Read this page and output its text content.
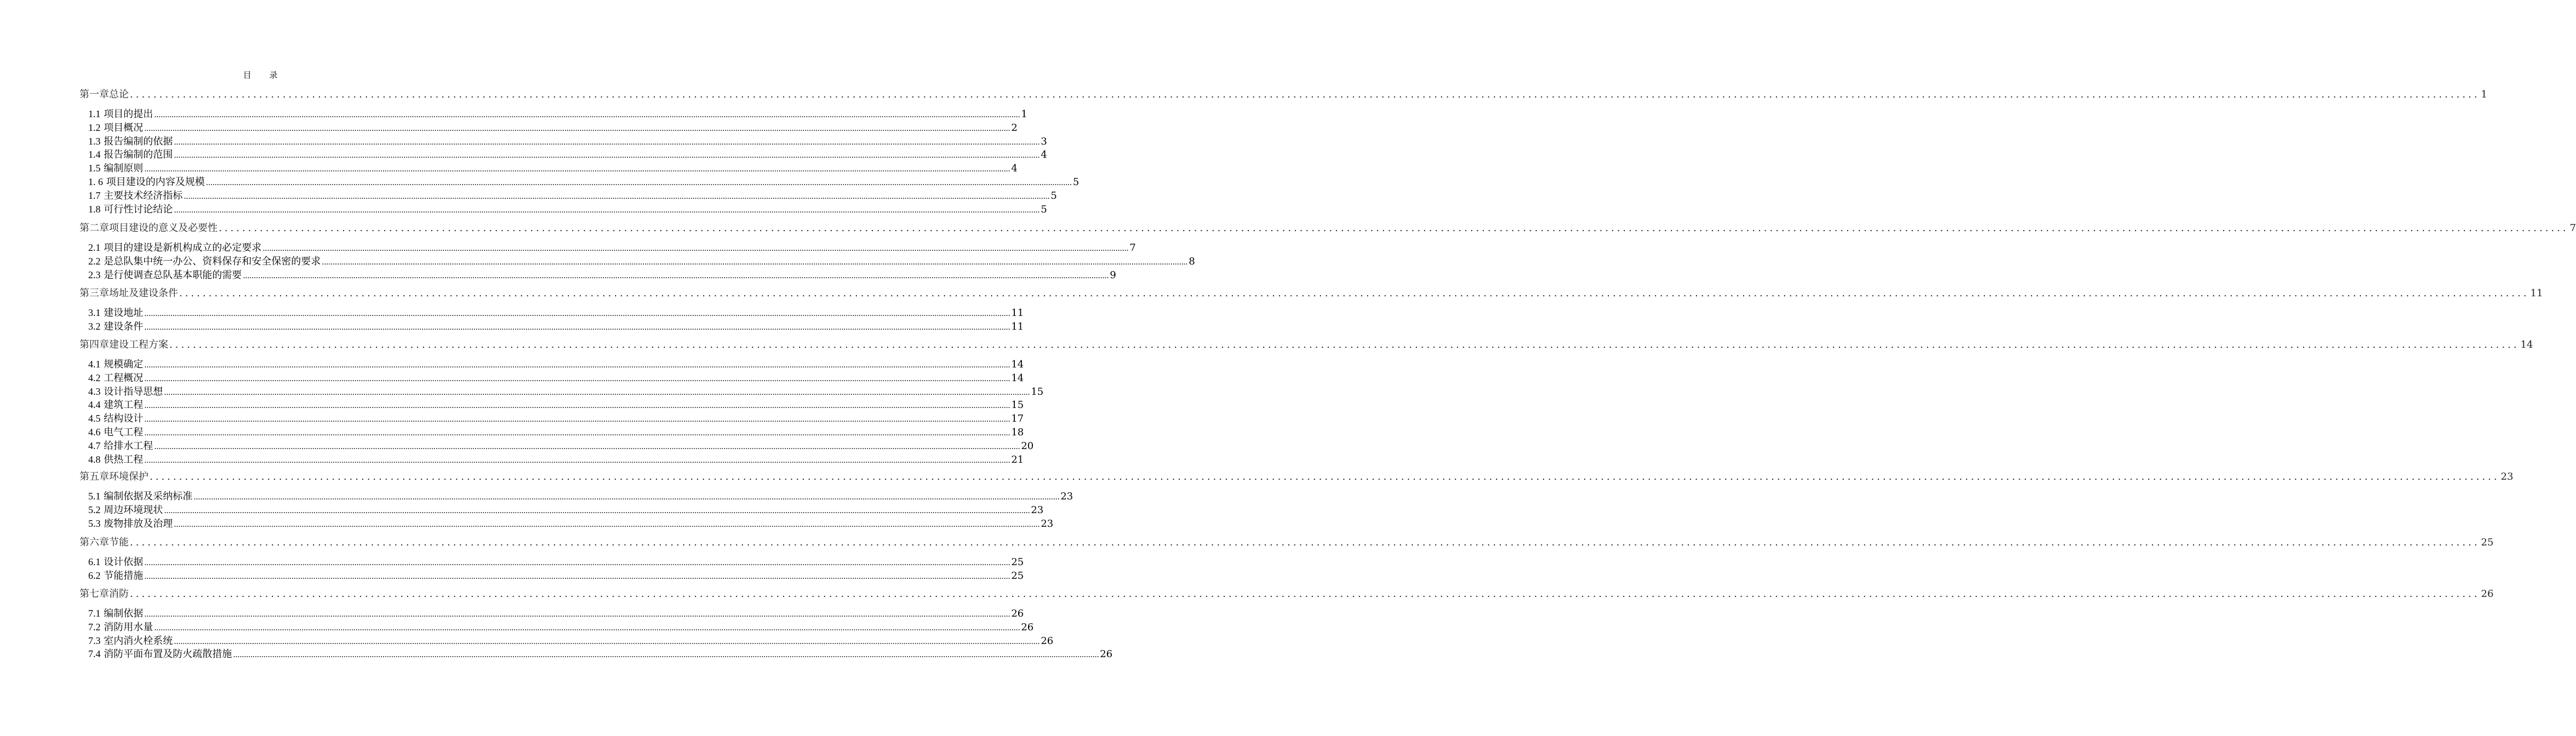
目 录
第一章 总论 ................................................................................................................................................................................................................................................................................................................................................................................................................ 1
1.1
项目的提出 ................................................................................................................................................................................................................................................................................................................................................................................................................ 1
1.2
项目概况 ................................................................................................................................................................................................................................................................................................................................................................................................................ 2
1.3
报告编制的依据 ................................................................................................................................................................................................................................................................................................................................................................................................................ 3
1.4
报告编制的范围 ................................................................................................................................................................................................................................................................................................................................................................................................................ 4
1.5
编制原则 ................................................................................................................................................................................................................................................................................................................................................................................................................ 4
1. 6
项目建设的内容及规模 ................................................................................................................................................................................................................................................................................................................................................................................................................ 5
1.7
主要技术经济指标 ................................................................................................................................................................................................................................................................................................................................................................................................................ 5
1.8
可行性讨论结论 ................................................................................................................................................................................................................................................................................................................................................................................................................ 5
第二章 项目建设的意义及必要性 ................................................................................................................................................................................................................................................................................................................................................................................................................ 7
2.1
项目的建设是新机构成立的必定要求 ................................................................................................................................................................................................................................................................................................................................................................................................................ 7
2.2
是总队集中统一办公、资料保存和安全保密的要求 ................................................................................................................................................................................................................................................................................................................................................................................................................ 8
2.3
是行使调查总队基本职能的需要 ................................................................................................................................................................................................................................................................................................................................................................................................................ 9
第三章 场址及建设条件 ................................................................................................................................................................................................................................................................................................................................................................................................................ 11
3.1
建设地址 ................................................................................................................................................................................................................................................................................................................................................................................................................ 11
3.2
建设条件 ................................................................................................................................................................................................................................................................................................................................................................................................................ 11
第四章 建设工程方案 ................................................................................................................................................................................................................................................................................................................................................................................................................ 14
4.1
规模确定 ................................................................................................................................................................................................................................................................................................................................................................................................................ 14
4.2
工程概况 ................................................................................................................................................................................................................................................................................................................................................................................................................ 14
4.3
设计指导思想 ................................................................................................................................................................................................................................................................................................................................................................................................................ 15
4.4
建筑工程 ................................................................................................................................................................................................................................................................................................................................................................................................................ 15
4.5
结构设计 ................................................................................................................................................................................................................................................................................................................................................................................................................ 17
4.6
电气工程 ................................................................................................................................................................................................................................................................................................................................................................................................................ 18
4.7
给排水工程 ................................................................................................................................................................................................................................................................................................................................................................................................................ 20
4.8
供热工程 ................................................................................................................................................................................................................................................................................................................................................................................................................ 21
第五章 环境保护 ................................................................................................................................................................................................................................................................................................................................................................................................................ 23
5.1
编制依据及采纳标准 ................................................................................................................................................................................................................................................................................................................................................................................................................ 23
5.2
周边环境现状 ................................................................................................................................................................................................................................................................................................................................................................................................................ 23
5.3
废物排放及治理 ................................................................................................................................................................................................................................................................................................................................................................................................................ 23
第六章 节能 ................................................................................................................................................................................................................................................................................................................................................................................................................ 25
6.1
设计依据 ................................................................................................................................................................................................................................................................................................................................................................................................................ 25
6.2
节能措施 ................................................................................................................................................................................................................................................................................................................................................................................................................ 25
第七章 消防 ................................................................................................................................................................................................................................................................................................................................................................................................................ 26
7.1
编制依据 ................................................................................................................................................................................................................................................................................................................................................................................................................ 26
7.2
消防用水量 ................................................................................................................................................................................................................................................................................................................................................................................................................ 26
7.3
室内消火栓系统 ................................................................................................................................................................................................................................................................................................................................................................................................................ 26
7.4
消防平面布置及防火疏散措施 ................................................................................................................................................................................................................................................................................................................................................................................................................ 26
